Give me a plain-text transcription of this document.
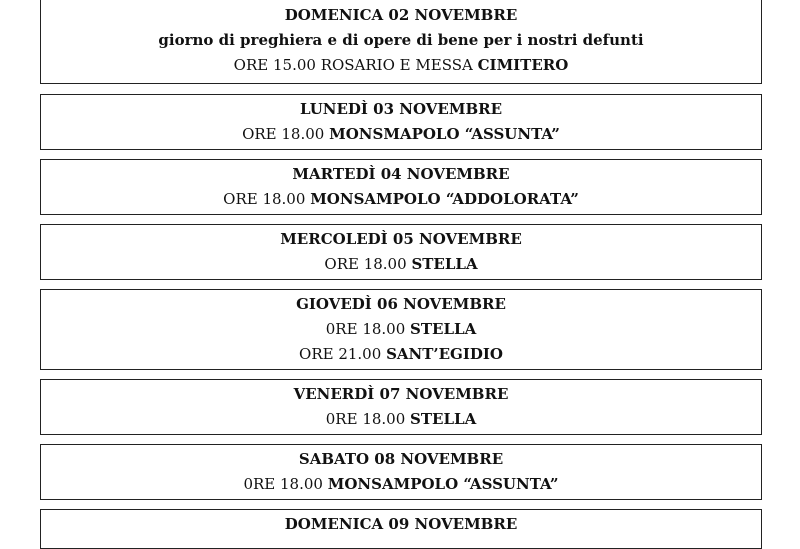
DOMENICA 02 NOVEMBRE
giorno di preghiera e di opere di bene per i nostri defunti
ORE 15.00 ROSARIO E MESSA CIMITERO
LUNEDÌ 03 NOVEMBRE
ORE 18.00 MONSMAPOLO “ASSUNTA”
MARTEDÌ 04 NOVEMBRE
ORE 18.00 MONSAMPOLO “ADDOLORATA”
MERCOLEDÌ 05 NOVEMBRE
ORE 18.00 STELLA
GIOVEDÌ 06 NOVEMBRE
0RE 18.00 STELLA
ORE 21.00 SANT’EGIDIO
VENERDÌ 07 NOVEMBRE
0RE 18.00 STELLA
SABATO 08 NOVEMBRE
0RE 18.00 MONSAMPOLO “ASSUNTA”
DOMENICA 09 NOVEMBRE
